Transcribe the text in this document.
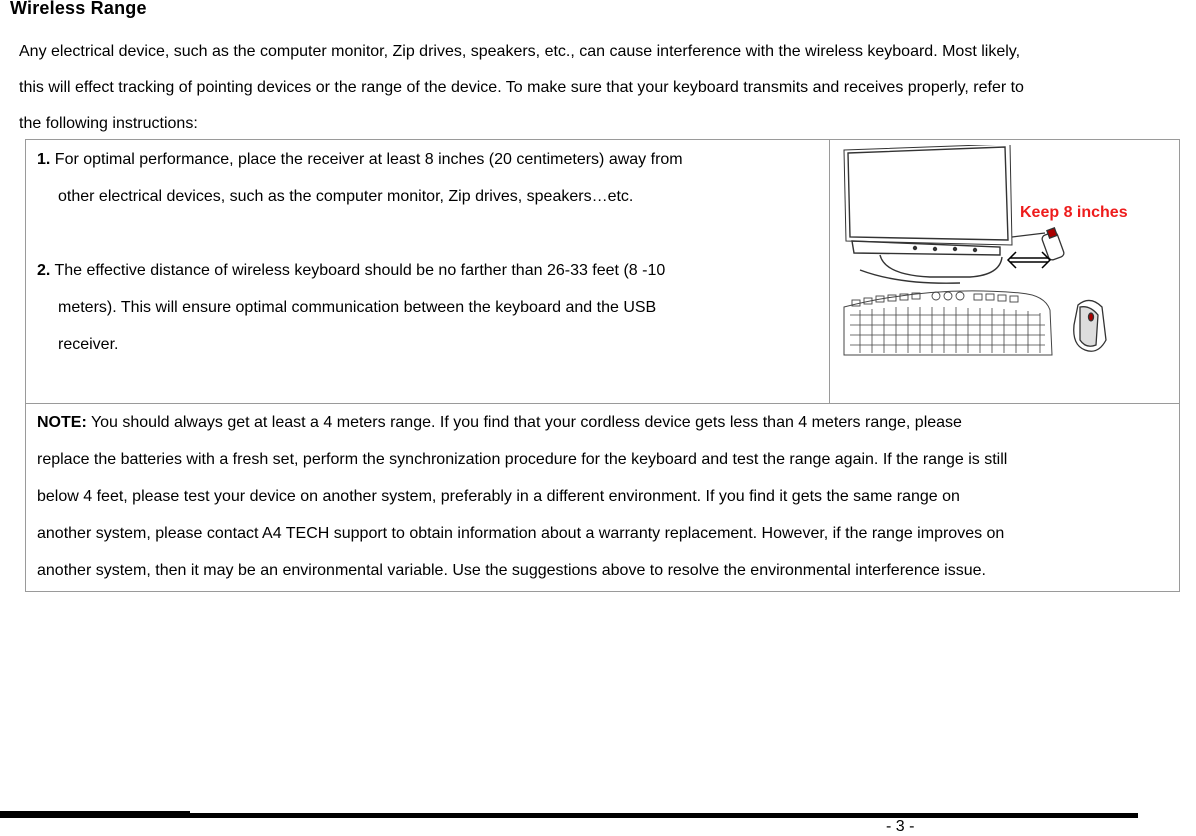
Wireless Range
Any electrical device, such as the computer monitor, Zip drives, speakers, etc., can cause interference with the wireless keyboard. Most likely,
this will effect tracking of pointing devices or the range of the device. To make sure that your keyboard transmits and receives properly, refer to
the following instructions:
1. For optimal performance, place the receiver at least 8 inches (20 centimeters) away from
other electrical devices, such as the computer monitor, Zip drives, speakers…etc.
2. The effective distance of wireless keyboard should be no farther than 26-33 feet (8 -10
meters). This will ensure optimal communication between the keyboard and the USB
receiver.
Keep 8 inches
NOTE: You should always get at least a 4 meters range. If you find that your cordless device gets less than 4 meters range, please
replace the batteries with a fresh set, perform the synchronization procedure for the keyboard and test the range again. If the range is still
below 4 feet, please test your device on another system, preferably in a different environment. If you find it gets the same range on
another system, please contact A4 TECH support to obtain information about a warranty replacement. However, if the range improves on
another system, then it may be an environmental variable. Use the suggestions above to resolve the environmental interference issue.
- 3 -
